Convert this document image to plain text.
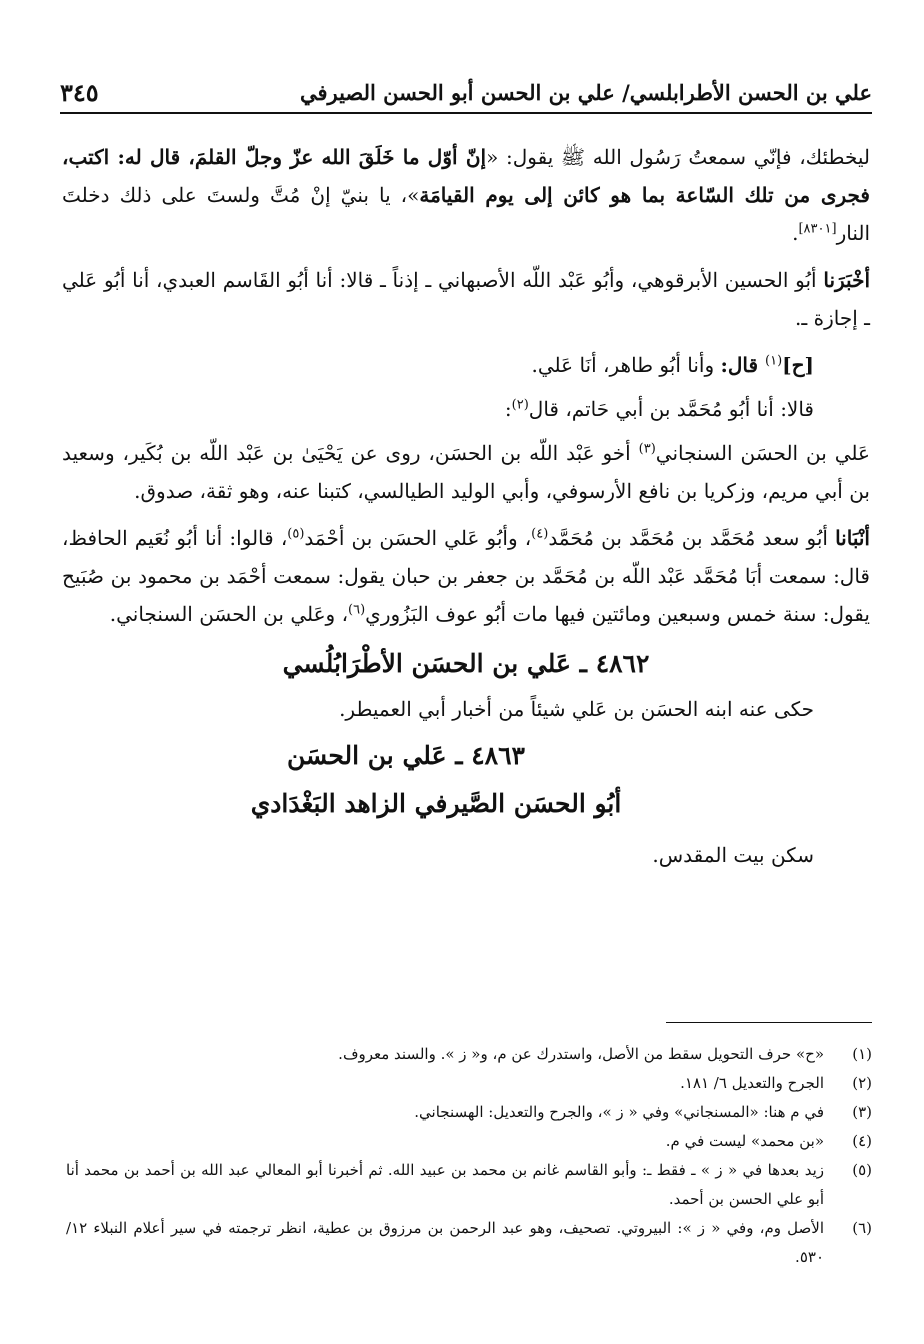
علي بن الحسن الأطرابلسي/ علي بن الحسن أبو الحسن الصيرفي
٣٤٥

ليخطئك، فإنّي سمعتُ رَسُول الله ﷺ يقول: «إنّ أوّل ما خَلَقَ الله عزّ وجلّ القلمَ، قال له: اكتب، فجرى من تلك السّاعة بما هو كائن إلى يوم القيامَة»، يا بنيّ إنْ مُتَّ ولستَ على ذلك دخلتَ النار[٨٣٠١].

أخْبَرَنا أبُو الحسين الأبرقوهي، وأبُو عَبْد اللّه الأصبهاني ـ إذناً ـ قالا: أنا أبُو القَاسم العبدي، أنا أبُو عَلي ـ إجازة ـ.

[ح]$^{(١)}$ قال: وأنا أبُو طاهر، أنَا عَلي.

قالا: أنا أبُو مُحَمَّد بن أبي حَاتم، قال$^{(٢)}$:

عَلي بن الحسَن السنجاني$^{(٣)}$ أخو عَبْد اللّه بن الحسَن، روى عن يَحْيَىٰ بن عَبْد اللّه بن بُكَير، وسعيد بن أبي مريم، وزكريا بن نافع الأرسوفي، وأبي الوليد الطيالسي، كتبنا عنه، وهو ثقة، صدوق.

أنْبَانا أبُو سعد مُحَمَّد بن مُحَمَّد بن مُحَمَّد$^{(٤)}$، وأبُو عَلي الحسَن بن أحْمَد$^{(٥)}$، قالوا: أنا أبُو نُعَيم الحافظ، قال: سمعت أبَا مُحَمَّد عَبْد اللّه بن مُحَمَّد بن جعفر بن حبان يقول: سمعت أحْمَد بن محمود بن صُبَيح يقول: سنة خمس وسبعين ومائتين فيها مات أبُو عوف البَزُوري$^{(٦)}$، وعَلي بن الحسَن السنجاني.

٤٨٦٢ ـ عَلي بن الحسَن الأطْرَابُلُسي

حكى عنه ابنه الحسَن بن عَلي شيئاً من أخبار أبي العميطر.

٤٨٦٣ ـ عَلي بن الحسَن
أبُو الحسَن الصَّيرفي الزاهد البَغْدَادي

سكن بيت المقدس.

(١)
«ح» حرف التحويل سقط من الأصل، واستدرك عن م، و« ز ». والسند معروف.
(٢)
الجرح والتعديل ٦/ ١٨١.
(٣)
في م هنا: «المسنجاني» وفي « ز »، والجرح والتعديل: الهسنجاني.
(٤)
«بن محمد» ليست في م.
(٥)
زيد بعدها في « ز » ـ فقط ـ: وأبو القاسم غانم بن محمد بن عبيد الله. ثم أخبرنا أبو المعالي عبد الله بن أحمد بن محمد أنا أبو علي الحسن بن أحمد.
(٦)
الأصل وم، وفي « ز »: البيروتي. تصحيف، وهو عبد الرحمن بن مرزوق بن عطية، انظر ترجمته في سير أعلام النبلاء ١٢/ ٥٣٠.
